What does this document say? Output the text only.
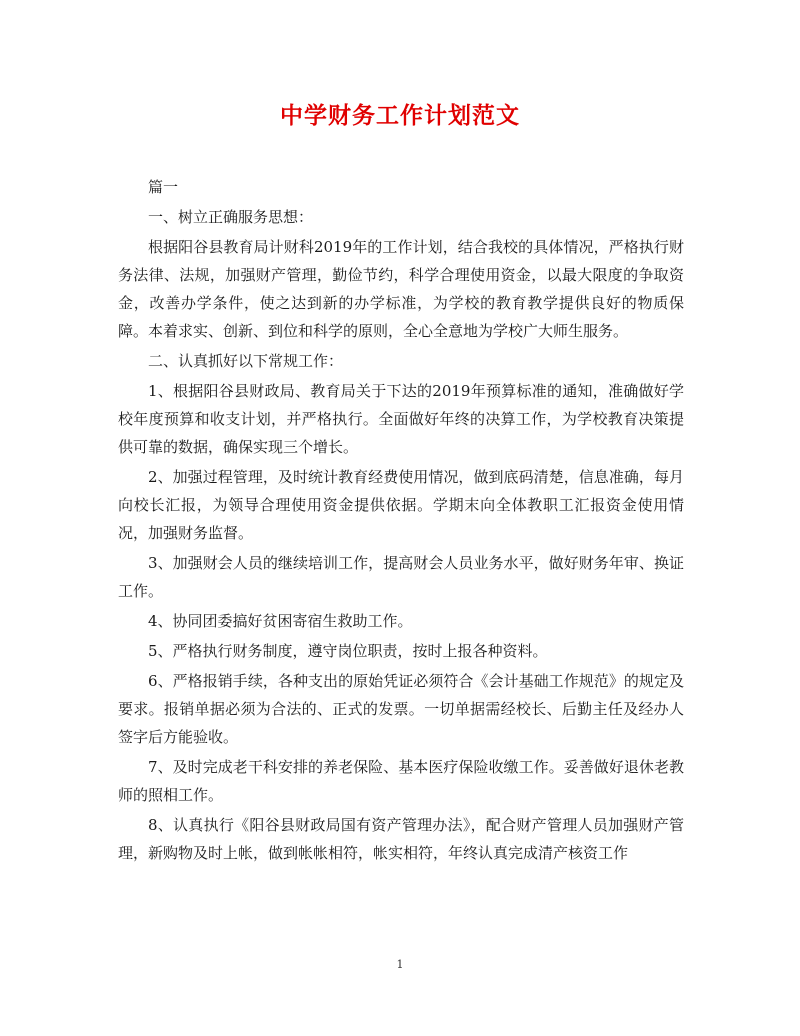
中学财务工作计划范文

篇一

一、树立正确服务思想：

根据阳谷县教育局计财科2019年的工作计划，结合我校的具体情况，严格执行财务法律、法规，加强财产管理，勤俭节约，科学合理使用资金，以最大限度的争取资金，改善办学条件，使之达到新的办学标准，为学校的教育教学提供良好的物质保障。本着求实、创新、到位和科学的原则，全心全意地为学校广大师生服务。

二、认真抓好以下常规工作：

1、根据阳谷县财政局、教育局关于下达的2019年预算标准的通知，准确做好学校年度预算和收支计划，并严格执行。全面做好年终的决算工作，为学校教育决策提供可靠的数据，确保实现三个增长。

2、加强过程管理，及时统计教育经费使用情况，做到底码清楚，信息准确，每月向校长汇报，为领导合理使用资金提供依据。学期末向全体教职工汇报资金使用情况，加强财务监督。

3、加强财会人员的继续培训工作，提高财会人员业务水平，做好财务年审、换证工作。

4、协同团委搞好贫困寄宿生救助工作。

5、严格执行财务制度，遵守岗位职责，按时上报各种资料。

6、严格报销手续，各种支出的原始凭证必须符合《会计基础工作规范》的规定及要求。报销单据必须为合法的、正式的发票。一切单据需经校长、后勤主任及经办人签字后方能验收。

7、及时完成老干科安排的养老保险、基本医疗保险收缴工作。妥善做好退休老教师的照相工作。

8、认真执行《阳谷县财政局国有资产管理办法》，配合财产管理人员加强财产管理，新购物及时上帐，做到帐帐相符，帐实相符，年终认真完成清产核资工作

1
